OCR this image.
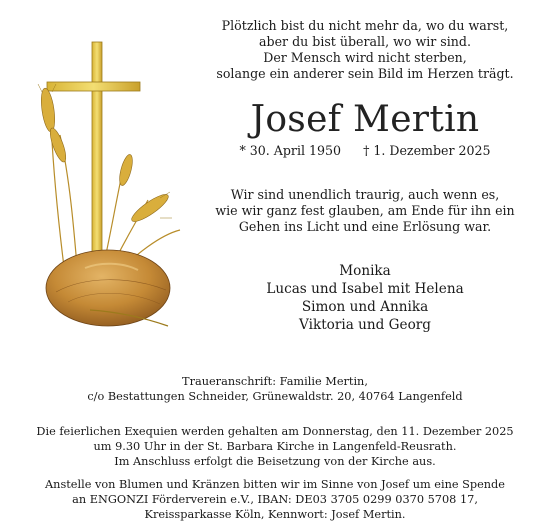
Plötzlich bist du nicht mehr da, wo du warst,
aber du bist überall, wo wir sind.
Der Mensch wird nicht sterben,
solange ein anderer sein Bild im Herzen trägt.
Josef Mertin
* 30. April 1950 † 1. Dezember 2025
Wir sind unendlich traurig, auch wenn es,
wie wir ganz fest glauben, am Ende für ihn ein
Gehen ins Licht und eine Erlösung war.
Monika
Lucas und Isabel mit Helena
Simon und Annika
Viktoria und Georg
Traueranschrift: Familie Mertin,
c/o Bestattungen Schneider, Grünewaldstr. 20, 40764 Langenfeld
Die feierlichen Exequien werden gehalten am Donnerstag, den 11. Dezember 2025
um 9.30 Uhr in der St. Barbara Kirche in Langenfeld-Reusrath.
Im Anschluss erfolgt die Beisetzung von der Kirche aus.
Anstelle von Blumen und Kränzen bitten wir im Sinne von Josef um eine Spende
an ENGONZI Förderverein e.V., IBAN: DE03 3705 0299 0370 5708 17,
Kreissparkasse Köln, Kennwort: Josef Mertin.
